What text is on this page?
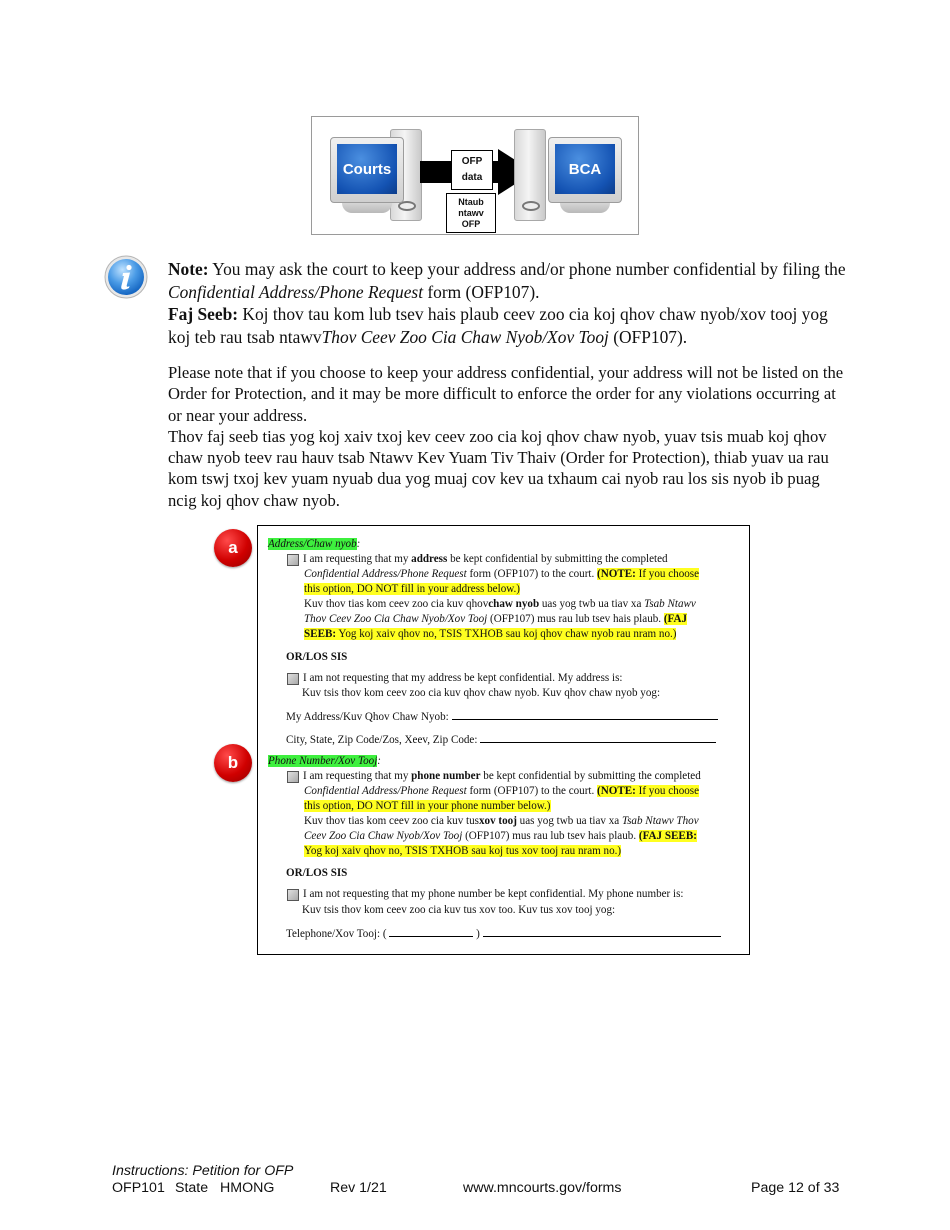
Courts	OFP
data
Ntaub
ntawv
OFP
BCA
Note: You may ask the court to keep your address and/or phone number confidential by filing the Confidential Address/Phone Request form (OFP107).
Faj Seeb: Koj thov tau kom lub tsev hais plaub ceev zoo cia koj qhov chaw nyob/xov tooj yog koj teb rau tsab ntawvThov Ceev Zoo Cia Chaw Nyob/Xov Tooj (OFP107).
Please note that if you choose to keep your address confidential, your address will not be listed on the Order for Protection, and it may be more difficult to enforce the order for any violations occurring at or near your address.
Thov faj seeb tias yog koj xaiv txoj kev ceev zoo cia koj qhov chaw nyob, yuav tsis muab koj qhov chaw nyob teev rau hauv tsab Ntawv Kev Yuam Tiv Thaiv (Order for Protection), thiab yuav ua rau kom tswj txoj kev yuam nyuab dua yog muaj cov kev ua txhaum cai nyob rau los sis nyob ib puag ncig koj qhov chaw nyob.
a
b
Address/Chaw nyob:
I am requesting that my address be kept confidential by submitting the completed
Confidential Address/Phone Request form (OFP107) to the court. (NOTE: If you choose
this option, DO NOT fill in your address below.)
Kuv thov tias kom ceev zoo cia kuv qhovchaw nyob uas yog twb ua tiav xa Tsab Ntawv
Thov Ceev Zoo Cia Chaw Nyob/Xov Tooj (OFP107) mus rau lub tsev hais plaub. (FAJ
SEEB: Yog koj xaiv qhov no, TSIS TXHOB sau koj qhov chaw nyob rau nram no.)
OR/LOS SIS
I am not requesting that my address be kept confidential. My address is:
Kuv tsis thov kom ceev zoo cia kuv qhov chaw nyob. Kuv qhov chaw nyob yog:
My Address/Kuv Qhov Chaw Nyob:
City, State, Zip Code/Zos, Xeev, Zip Code:
Phone Number/Xov Tooj:
I am requesting that my phone number be kept confidential by submitting the completed
Confidential Address/Phone Request form (OFP107) to the court. (NOTE: If you choose
this option, DO NOT fill in your phone number below.)
Kuv thov tias kom ceev zoo cia kuv tusxov tooj uas yog twb ua tiav xa Tsab Ntawv Thov
Ceev Zoo Cia Chaw Nyob/Xov Tooj (OFP107) mus rau lub tsev hais plaub. (FAJ SEEB:
Yog koj xaiv qhov no, TSIS TXHOB sau koj tus xov tooj rau nram no.)
OR/LOS SIS
I am not requesting that my phone number be kept confidential. My phone number is:
Kuv tsis thov kom ceev zoo cia kuv tus xov too. Kuv tus xov tooj yog:
Telephone/Xov Tooj: (	)
Instructions: Petition for OFP
OFP101 State HMONG	Rev 1/21	www.mncourts.gov/forms	Page 12 of 33
